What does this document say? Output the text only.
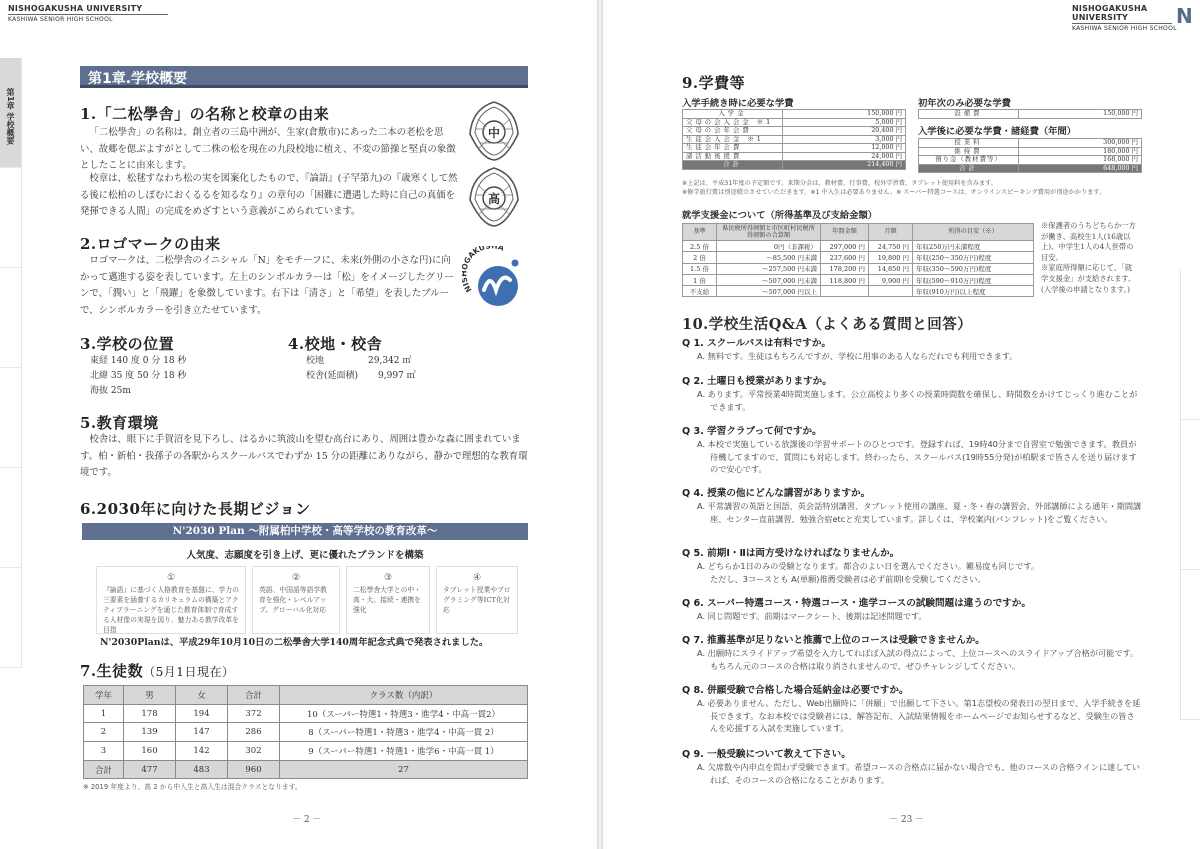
NISHOGAKUSHA UNIVERSITY
KASHIWA SENIOR HIGH SCHOOL
第1章 学校概要
第1章.学校概要
1.「二松學舎」の名称と校章の由来
「二松學舎」の名称は、創立者の三島中洲が、生家(倉敷市)にあった二本の老松を思い、故郷を偲ぶよすがとして二株の松を現在の九段校地に植え、不変の節操と堅貞の象徴としたことに由来します。
校章は、松毬すなわち松の実を図案化したもので、『論語』(子罕第九)の『歳寒くして然る後に松柏のしぼむにおくるるを知るなり』の章句の「困難に遭遇した時に自己の真価を発揮できる人間」の完成をめざすという意義がこめられています。
中
高
2.ロゴマークの由来
ロゴマークは、二松學舎のイニシャル「N」をモチーフに、未来(外側の小さな円)に向かって邁進する姿を表しています。左上のシンボルカラーは「松」をイメージしたグリーンで、「潤い」と「飛躍」を象徴しています。右下は「清さ」と「希望」を表したブルーで、シンボルカラーを引き立たせています。
NI GAKUS A
3.学校の位置
東経 140 度 0 分 18 秒
北緯 35 度 50 分 18 秒
海抜 25m
4.校地・校舎
校地	29,342 ㎡
校舎(延面積) 9,997 ㎡
5.教育環境
校舎は、眼下に手賀沼を見下ろし、はるかに筑波山を望む高台にあり、周囲は豊かな森に囲まれています。柏・新柏・我孫子の各駅からスクールバスでわずか 15 分の距離にありながら、静かで理想的な教育環境です。
6.2030年に向けた長期ビジョン
N'2030 Plan ～附属柏中学校・高等学校の教育改革～
人気度、志願度を引き上げ、更に優れたブランドを構築
①
『論語』に基づく人格教育を基盤に、学力の三要素を涵養するカリキュラムの構築とアクティブラーニングを通じた教育体制で育成する人材像の実現を図り、魅力ある教学改革を目指
②
英語、中国語等語学教育を強化・レベルアップ。グローバル化対応
③
二松學舎大学との中・高・大、接続・連携を強化
④
タブレット授業やプログラミング等ICT化対応
N'2030Planは、平成29年10月10日の二松學舎大学140周年記念式典で発表されました。
7.生徒数（5月1日現在）
学年	男	女	合計	クラス数（内訳）
1	178	194	372	10（スーパー特選1・特選3・進学4・中高一貫2）
2	139	147	286	8（スーパー特選1・特選3・進学4・中高一貫 2）
3	160	142	302	9（スーパー特選1・特選1・進学6・中高一貫 1）
合計	477	483	960	27
※ 2019 年度より、高 2 から中入生と高入生は混合クラスとなります。
－ 2 －
NISHOGAKUSHA UNIVERSITY
KASHIWA SENIOR HIGH SCHOOL
N
9.学費等
入学手続き時に必要な学費
入学金	150,000 円
父母の会入会金 ※1	5,000 円
父母の会年会費	20,400 円
生徒会入会金 ※1	3,000 円
生徒会年会費	12,000 円
諸活動後援費	24,000 円
合計	214,400 円
※上記は、平成31年度の予定額です。来期分金は、教材費、行事費、校外学習費、タブレット使用料を含みます。
※修学旅行費は別途積立させていただきます。※1 中入生は必要ありません。※ スーパー特選コースは、オンラインスピーキング費用が別途かかります。
初年次のみ必要な学費
設備費	150,000 円
入学後に必要な学費・諸経費（年間）
授業料	300,000 円
維持費	180,000 円
預り金（教材費等）	168,000 円
合計	648,000 円
就学支援金について（所得基準及び支給金額）
基準	県民税所得割額と市区町村民税所得割額の合算額	年間金額	月額	所得の目安（※）
2.5 倍	0円（非課税）	297,000 円	24,750 円	年収250万円未満程度
2 倍	～85,500 円未満	237,600 円	19,800 円	年収(250～350万円)程度
1.5 倍	～257,500 円未満	178,200 円	14,850 円	年収(350～590万円)程度
1 倍	～507,000 円未満	118,800 円	9,900 円	年収(590～910万円)程度
不支給	～507,000 円以上			年収(910万円)以上程度
※保護者のうちどちらか一方が働き、高校生1人(16歳以上)、中学生1人の4人世帯の目安。
※家庭所得額に応じて、「就学支援金」が支給されます。(入学後の申請となります。)
10.学校生活Q&A（よくある質問と回答）
Q 1. スクールバスは有料ですか。
A. 無料です。生徒はもちろんですが、学校に用事のある人ならだれでも利用できます。
Q 2. 土曜日も授業がありますか。
A. あります。平常授業4時間実施します。公立高校より多くの授業時間数を確保し、時間数をかけてじっくり進むことができます。
Q 3. 学習クラブって何ですか。
A. 本校で実施している放課後の学習サポートのひとつです。登録すれば、19時40分まで自習室で勉強できます。教員が待機してますので、質問にも対応します。終わったら、スクールバス(19時55分発)が柏駅まで皆さんを送り届けますので安心です。
Q 4. 授業の他にどんな講習がありますか。
A. 平常講習の英語と国語、英会話特別講習、タブレット使用の講座、夏・冬・春の講習会、外部講師による通年・期間講座、センター直前講習、勉強合宿etcと充実しています。詳しくは、学校案内(パンフレット)をご覧ください。
Q 5. 前期Ⅰ・Ⅱは両方受けなければなりませんか。
A. どちらか1日のみの受験となります。都合のよい日を選んでください。難易度も同じです。
ただし、3コースとも A(単願)推薦受験者は必ず前期Ⅰを受験してください。
Q 6. スーパー特選コース・特選コース・進学コースの試験問題は違うのですか。
A. 同じ問題です。前期はマークシート、後期は記述問題です。
Q 7. 推薦基準が足りないと推薦で上位のコースは受験できませんか。
A. 出願時にスライドアップ希望を入力してればば入試の得点によって、上位コースへのスライドアップ合格が可能です。もちろん元のコースの合格は取り消されませんので、ぜひチャレンジしてください。
Q 8. 併願受験で合格した場合延納金は必要ですか。
A. 必要ありません。ただし、Web出願時に「併願」で出願して下さい。第1志望校の発表日の翌日まで、入学手続きを延長できます。なお本校では受験者には、解答記布、入試結果情報をホームページでお知らせするなど、受験生の皆さんを応援する入試を実施しています。
Q 9. 一般受験について教えて下さい。
A. 欠席数や内申点を問わず受験できます。希望コースの合格点に届かない場合でも、他のコースの合格ラインに達していれば、そのコースの合格になることがあります。
－ 23 －
